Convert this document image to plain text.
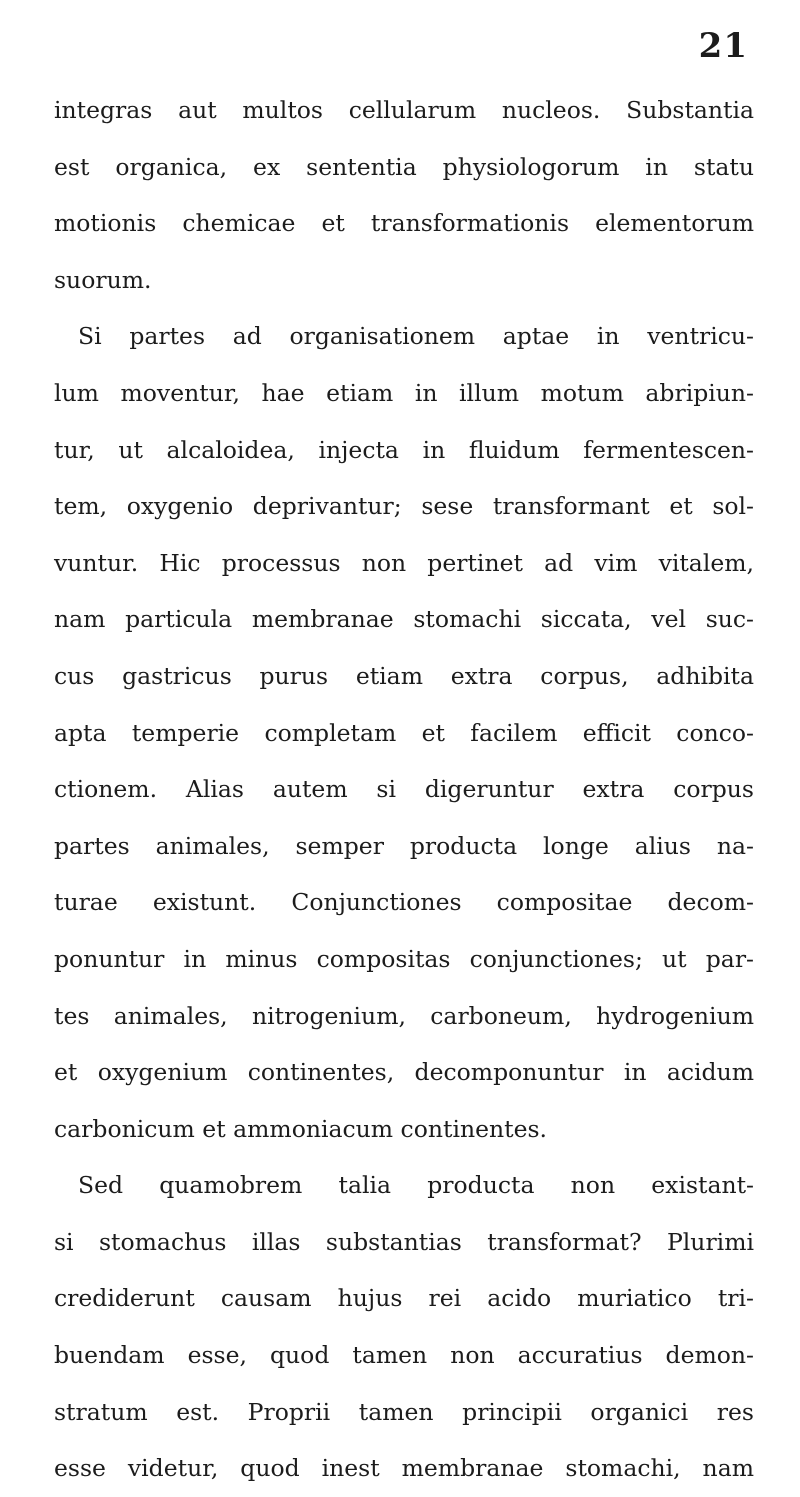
21
integras aut multos cellularum nucleos. Substantia
est organica, ex sententia physiologorum in statu
motionis chemicae et transformationis elementorum
suorum.
Si partes ad organisationem aptae in ventricu-
lum moventur, hae etiam in illum motum abripiun-
tur, ut alcaloidea, injecta in fluidum fermentescen-
tem, oxygenio deprivantur; sese transformant et sol-
vuntur. Hic processus non pertinet ad vim vitalem,
nam particula membranae stomachi siccata, vel suc-
cus gastricus purus etiam extra corpus, adhibita
apta temperie completam et facilem efficit conco-
ctionem. Alias autem si digeruntur extra corpus
partes animales, semper producta longe alius na-
turae existunt. Conjunctiones compositae decom-
ponuntur in minus compositas conjunctiones; ut par-
tes animales, nitrogenium, carboneum, hydrogenium
et oxygenium continentes, decomponuntur in acidum
carbonicum et ammoniacum continentes.
Sed quamobrem talia producta non existant-
si stomachus illas substantias transformat? Plurimi
crediderunt causam hujus rei acido muriatico tri-
buendam esse, quod tamen non accuratius demon-
stratum est. Proprii tamen principii organici res
esse videtur, quod inest membranae stomachi, nam
